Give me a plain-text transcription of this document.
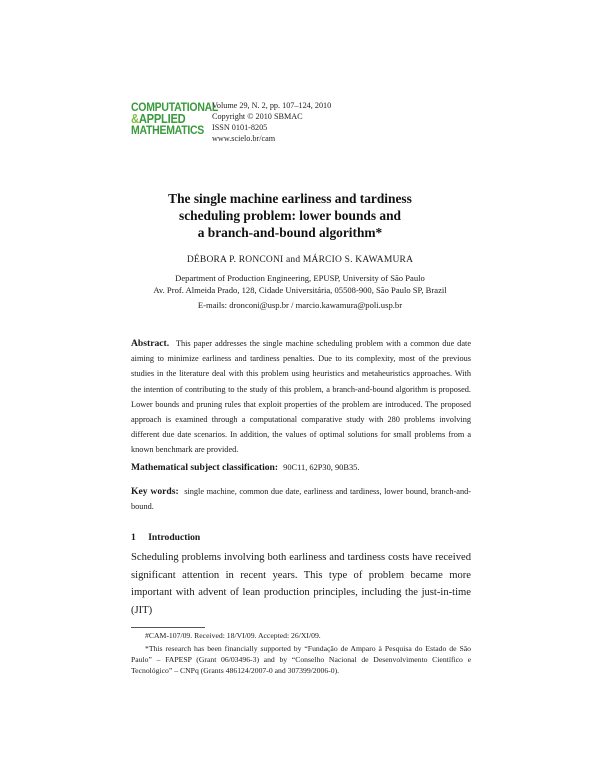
COMPUTATIONAL
&APPLIED
MATHEMATICS
Volume 29, N. 2, pp. 107–124, 2010
Copyright © 2010 SBMAC
ISSN 0101-8205
www.scielo.br/cam
The single machine earliness and tardiness
scheduling problem: lower bounds and
a branch-and-bound algorithm*
DÉBORA P. RONCONI and MÁRCIO S. KAWAMURA
Department of Production Engineering, EPUSP, University of São Paulo
Av. Prof. Almeida Prado, 128, Cidade Universitária, 05508-900, São Paulo SP, Brazil
E-mails: dronconi@usp.br / marcio.kawamura@poli.usp.br
Abstract. This paper addresses the single machine scheduling problem with a common due date aiming to minimize earliness and tardiness penalties. Due to its complexity, most of the previous studies in the literature deal with this problem using heuristics and metaheuristics approaches. With the intention of contributing to the study of this problem, a branch-and-bound algorithm is proposed. Lower bounds and pruning rules that exploit properties of the problem are introduced. The proposed approach is examined through a computational comparative study with 280 problems involving different due date scenarios. In addition, the values of optimal solutions for small problems from a known benchmark are provided.
Mathematical subject classification: 90C11, 62P30, 90B35.
Key words: single machine, common due date, earliness and tardiness, lower bound, branch-and-bound.
1 Introduction
Scheduling problems involving both earliness and tardiness costs have received significant attention in recent years. This type of problem became more important with advent of lean production principles, including the just-in-time (JIT)
#CAM-107/09. Received: 18/VI/09. Accepted: 26/XI/09.
*This research has been financially supported by “Fundação de Amparo à Pesquisa do Estado de São Paulo” – FAPESP (Grant 06/03496-3) and by “Conselho Nacional de Desenvolvimento Científico e Tecnológico” – CNPq (Grants 486124/2007-0 and 307399/2006-0).
